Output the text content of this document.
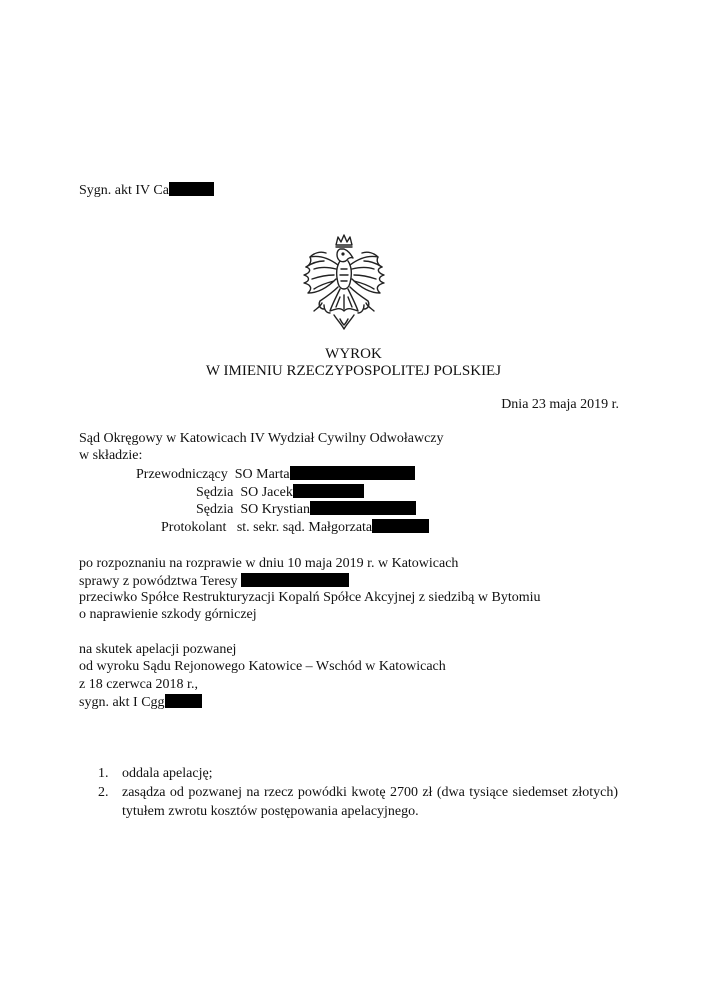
Sygn. akt IV Ca
WYROK
W IMIENIU RZECZYPOSPOLITEJ POLSKIEJ
Dnia 23 maja 2019 r.
Sąd Okręgowy w Katowicach IV Wydział Cywilny Odwoławczy
w składzie:
Przewodniczący SO Marta
Sędzia SO Jacek
Sędzia SO Krystian
Protokolant st. sekr. sąd. Małgorzata
po rozpoznaniu na rozprawie w dniu 10 maja 2019 r. w Katowicach
sprawy z powództwa Teresy
przeciwko Spółce Restrukturyzacji Kopalń Spółce Akcyjnej z siedzibą w Bytomiu
o naprawienie szkody górniczej
na skutek apelacji pozwanej
od wyroku Sądu Rejonowego Katowice – Wschód w Katowicach
z 18 czerwca 2018 r.,
sygn. akt I Cgg
1. oddala apelację;
2. zasądza od pozwanej na rzecz powódki kwotę 2700 zł (dwa tysiące siedemset złotych) tytułem zwrotu kosztów postępowania apelacyjnego.
